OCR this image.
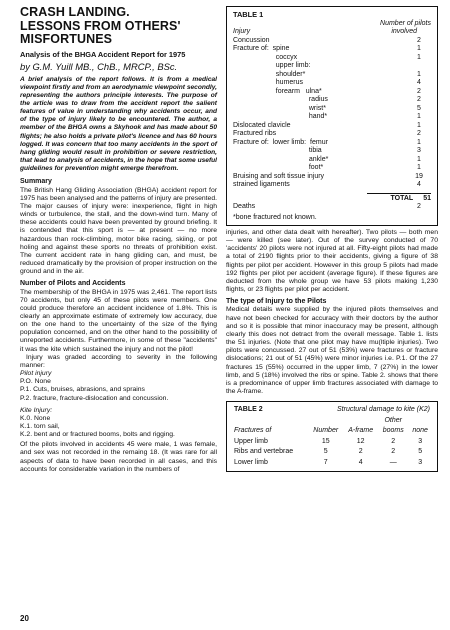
CRASH LANDING.
LESSONS FROM OTHERS'
MISFORTUNES

Analysis of the BHGA Accident Report for 1975

by G.M. Yuill MB., ChB., MRCP., BSc.

A brief analysis of the report follows. It is from a medical viewpoint firstly and from an aerodynamic viewpoint secondly, representing the authors principle interests. The purpose of the article was to draw from the accident report the salient features of value in understanding why accidents occur, and of the type of injury likely to be encountered. The author, a member of the BHGA owns a Skyhook and has made about 50 flights; he also holds a private pilot's licence and has 60 hours logged. It was concern that too many accidents in the sport of hang gliding would result in prohibition or severe restriction, that lead to analysis of accidents, in the hope that some useful guidelines for prevention might emerge therefrom.

Summary

The British Hang Gliding Association (BHGA) accident report for 1975 has been analysed and the patterns of injury are presented. The major causes of injury were: inexperience, flight in high winds or turbulence, the stall, and the down-wind turn. Many of these accidents could have been prevented by ground briefing. It is contended that this sport is — at present — no more hazardous than rock-climbing, motor bike racing, skiing, or pot holing and against these sports no threats of prohibition exist. The current accident rate in hang gliding can, and must, be reduced dramatically by the provision of proper instruction on the ground and in the air.

Number of Pilots and Accidents

The membership of the BHGA in 1975 was 2,461. The report lists 70 accidents, but only 45 of these pilots were members. One could produce therefore an accident incidence of 1.8%. This is clearly an approximate estimate of extremely low accuracy, due on the one hand to the uncertainty of the size of the flying population concerned, and on the other hand to the possibility of unreported accidents. Furthermore, in some of these "accidents" it was the kite which sustained the injury and not the pilot!

Injury was graded according to severity in the following manner:

Pilot injury

P.O. None

P.1. Cuts, bruises, abrasions, and sprains

P.2. fracture, fracture-dislocation and concussion.

Kite Injury:

K.0. None

K.1. torn sail,

K.2. bent and or fractured booms, bolts and rigging.

Of the pilots involved in accidents 45 were male, 1 was female, and sex was not recorded in the remaing 18. (It was rare for all aspects of data to have been recorded in all cases, and this accounts for considerable variation in the numbers of

TABLE 1
Number of pilots
Injury	involved
Concussion	2
Fracture of:  spine	1
coccyx	1
upper limb:
shoulder*	1
humerus	4
forearm   ulna*	2
radius	2
wrist*	5
hand*	1
Dislocated clavicle	1
Fractured ribs	2
Fracture of:  lower limb:  femur	1
tibia	3
ankle*	1
foot*	1
Bruising and soft tissue injury	19
strained ligaments	4
TOTAL 51
Deaths	2
*bone fractured not known.

injuries, and other data dealt with hereafter). Two pilots — both men — were killed (see later). Out of the survey conducted of 70 'accidents' 20 pilots were not injured at all. Fifty-eight pilots had made a total of 2190 flights prior to their accidents, giving a figure of 38 flights per pilot per accident. However in this group 5 pilots had made 192 flights per pilot per accident (average figure). If these figures are deducted from the whole group we have 53 pilots making 1,230 flights, or 23 flights per pilot per accident.

The type of Injury to the Pilots

Medical details were supplied by the injured pilots themselves and have not been checked for accuracy with their doctors by the author and so it is possible that minor inaccuracy may be present, although clearly this does not detract from the overall message. Table 1. lists the 51 injuries. (Note that one pilot may have mu(ltiple injuries). Two pilots were concussed. 27 out of 51 (53%) were fractures or fracture dislocations; 21 out of 51 (45%) were minor injuries i.e. P.1. Of the 27 fractures 15 (55%) occurred in the upper limb, 7 (27%) in the lower limb, and 5 (18%) involved the ribs or spine. Table 2. shows that there is a predominance of upper limb fractures associated with damage to the A-frame.

TABLE 2	Structural damage to kite (K2)			
			Other	
Fractures of	Number	A-frame	booms	none
Upper limb	15	12	2	3
Ribs and vertebrae	5	2	2	5
Lower limb	7	4	—	3
20
